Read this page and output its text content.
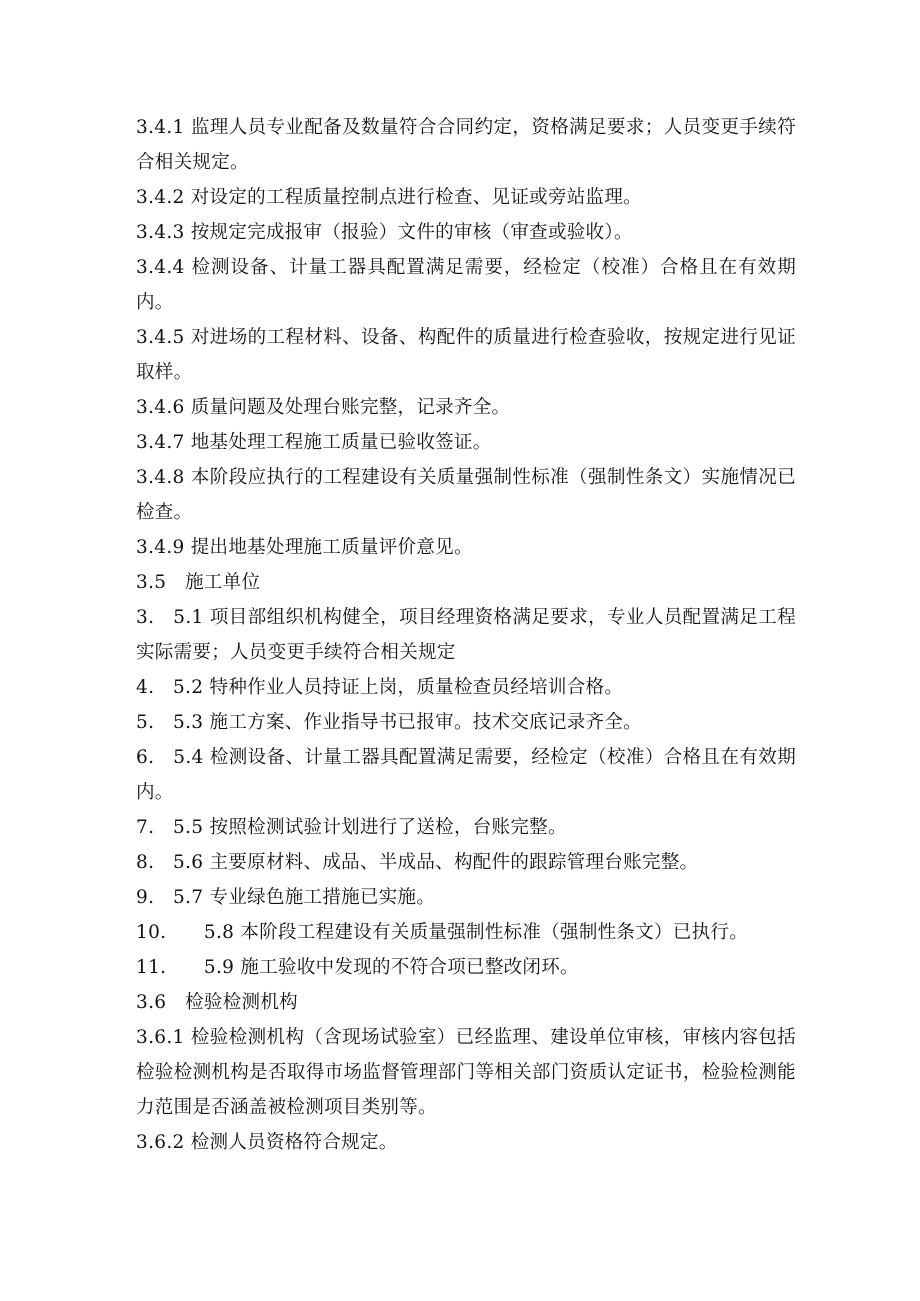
3.4.1 监理人员专业配备及数量符合合同约定，资格满足要求；人员变更手续符合相关规定。

3.4.2 对设定的工程质量控制点进行检查、见证或旁站监理。

3.4.3 按规定完成报审（报验）文件的审核（审查或验收）。

3.4.4 检测设备、计量工器具配置满足需要，经检定（校准）合格且在有效期内。

3.4.5 对进场的工程材料、设备、构配件的质量进行检查验收，按规定进行见证取样。

3.4.6 质量问题及处理台账完整，记录齐全。

3.4.7 地基处理工程施工质量已验收签证。

3.4.8 本阶段应执行的工程建设有关质量强制性标准（强制性条文）实施情况已检查。

3.4.9 提出地基处理施工质量评价意见。

3.5　施工单位

3.　5.1 项目部组织机构健全，项目经理资格满足要求，专业人员配置满足工程实际需要；人员变更手续符合相关规定

4.　5.2 特种作业人员持证上岗，质量检查员经培训合格。

5.　5.3 施工方案、作业指导书已报审。技术交底记录齐全。

6.　5.4 检测设备、计量工器具配置满足需要，经检定（校准）合格且在有效期内。

7.　5.5 按照检测试验计划进行了送检，台账完整。

8.　5.6 主要原材料、成品、半成品、构配件的跟踪管理台账完整。

9.　5.7 专业绿色施工措施已实施。

10.　　5.8 本阶段工程建设有关质量强制性标准（强制性条文）已执行。

11.　　5.9 施工验收中发现的不符合项已整改闭环。

3.6　检验检测机构

3.6.1 检验检测机构（含现场试验室）已经监理、建设单位审核，审核内容包括检验检测机构是否取得市场监督管理部门等相关部门资质认定证书，检验检测能力范围是否涵盖被检测项目类别等。

3.6.2 检测人员资格符合规定。
